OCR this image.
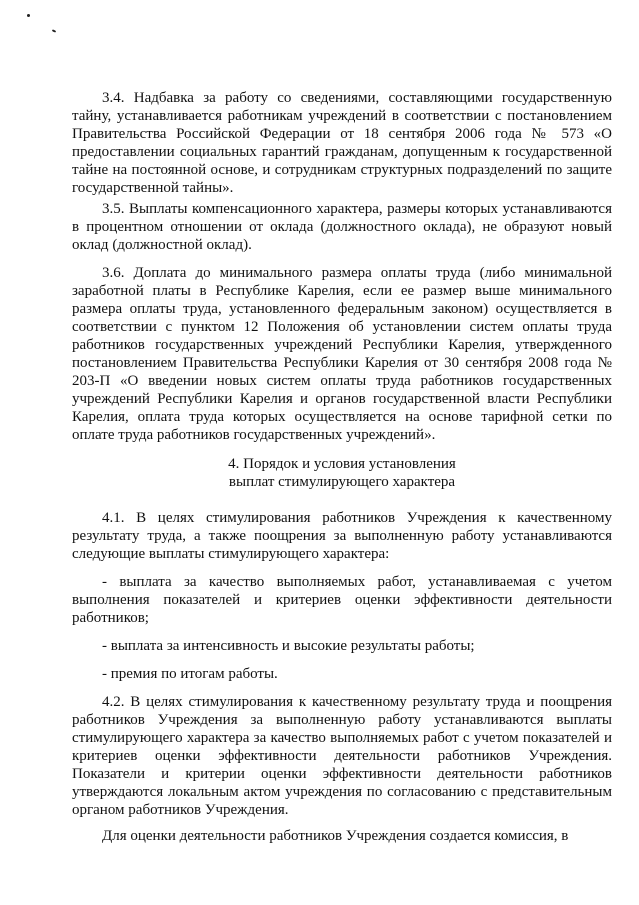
3.4. Надбавка за работу со сведениями, составляющими государственную тайну, устанавливается работникам учреждений в соответствии с постановлением Правительства Российской Федерации от 18 сентября 2006 года № 573 «О предоставлении социальных гарантий гражданам, допущенным к государственной тайне на постоянной основе, и сотрудникам структурных подразделений по защите государственной тайны».

3.5. Выплаты компенсационного характера, размеры которых устанавливаются в процентном отношении от оклада (должностного оклада), не образуют новый оклад (должностной оклад).

3.6. Доплата до минимального размера оплаты труда (либо минимальной заработной платы в Республике Карелия, если ее размер выше минимального размера оплаты труда, установленного федеральным законом) осуществляется в соответствии с пунктом 12 Положения об установлении систем оплаты труда работников государственных учреждений Республики Карелия, утвержденного постановлением Правительства Республики Карелия от 30 сентября 2008 года № 203-П «О введении новых систем оплаты труда работников государственных учреждений Республики Карелия и органов государственной власти Республики Карелия, оплата труда которых осуществляется на основе тарифной сетки по оплате труда работников государственных учреждений».

4. Порядок и условия установления
выплат стимулирующего характера

4.1. В целях стимулирования работников Учреждения к качественному результату труда, а также поощрения за выполненную работу устанавливаются следующие выплаты стимулирующего характера:

- выплата за качество выполняемых работ, устанавливаемая с учетом выполнения показателей и критериев оценки эффективности деятельности работников;

- выплата за интенсивность и высокие результаты работы;

- премия по итогам работы.

4.2. В целях стимулирования к качественному результату труда и поощрения работников Учреждения за выполненную работу устанавливаются выплаты стимулирующего характера за качество выполняемых работ с учетом показателей и критериев оценки эффективности деятельности работников Учреждения. Показатели и критерии оценки эффективности деятельности работников утверждаются локальным актом учреждения по согласованию с представительным органом работников Учреждения.

Для оценки деятельности работников Учреждения создается комиссия, в
